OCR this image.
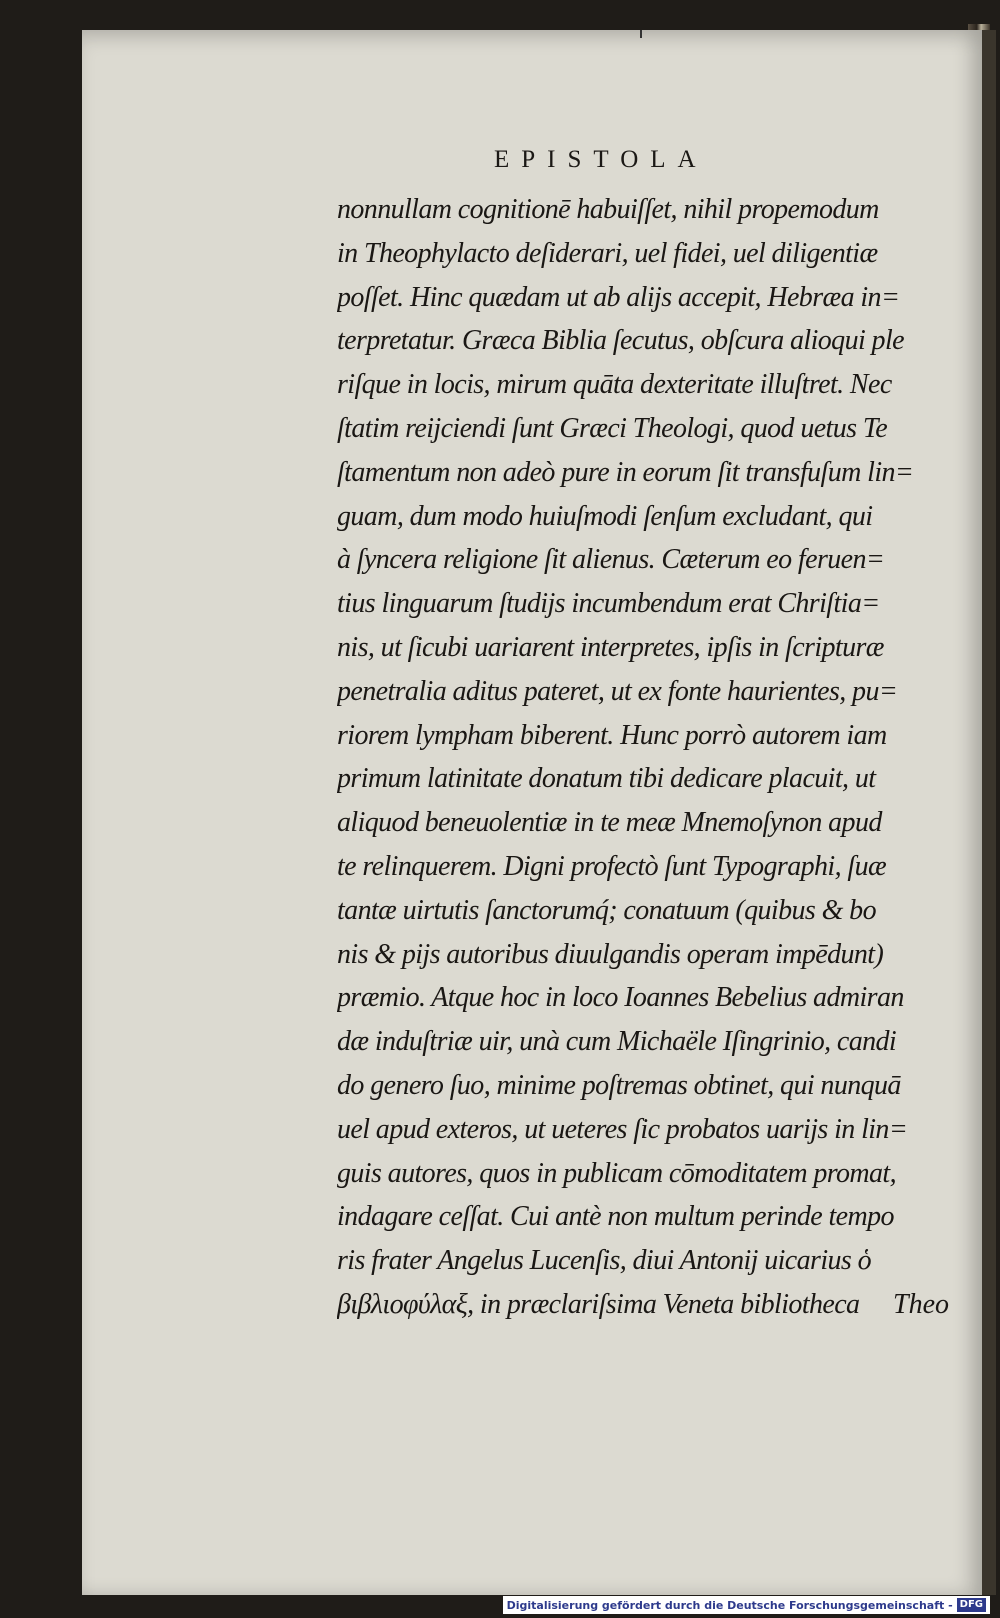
EPISTOLA
nonnullam cognitionē habuiſſet, nihil propemodum
in Theophylacto deſiderari, uel fidei, uel diligentiæ
poſſet. Hinc quædam ut ab alijs accepit, Hebræa in=
terpretatur. Græca Biblia ſecutus, obſcura alioqui ple
riſque in locis, mirum quāta dexteritate illuſtret. Nec
ſtatim reijciendi ſunt Græci Theologi, quod uetus Te
ſtamentum non adeò pure in eorum ſit transfuſum lin=
guam, dum modo huiuſmodi ſenſum excludant, qui
à ſyncera religione ſit alienus. Cæterum eo feruen=
tius linguarum ſtudijs incumbendum erat Chriſtia=
nis, ut ſicubi uariarent interpretes, ipſis in ſcripturæ
penetralia aditus pateret, ut ex fonte haurientes, pu=
riorem lympham biberent. Hunc porrò autorem iam
primum latinitate donatum tibi dedicare placuit, ut
aliquod beneuolentiæ in te meæ Mnemoſynon apud
te relinquerem. Digni profectò ſunt Typographi, ſuæ
tantæ uirtutis ſanctorumq́; conatuum (quibus & bo
nis & pijs autoribus diuulgandis operam impēdunt)
præmio. Atque hoc in loco Ioannes Bebelius admiran
dæ induſtriæ uir, unà cum Michaële Iſingrinio, candi
do genero ſuo, minime poſtremas obtinet, qui nunquā
uel apud exteros, ut ueteres ſic probatos uarijs in lin=
guis autores, quos in publicam cōmoditatem promat,
indagare ceſſat. Cui antè non multum perinde tempo
ris frater Angelus Lucenſis, diui Antonij uicarius ὁ
βιβλιοφύλαξ, in præclariſsima Veneta bibliotheca	Theo
Digitalisierung gefördert durch die Deutsche Forschungsgemeinschaft - DFG
